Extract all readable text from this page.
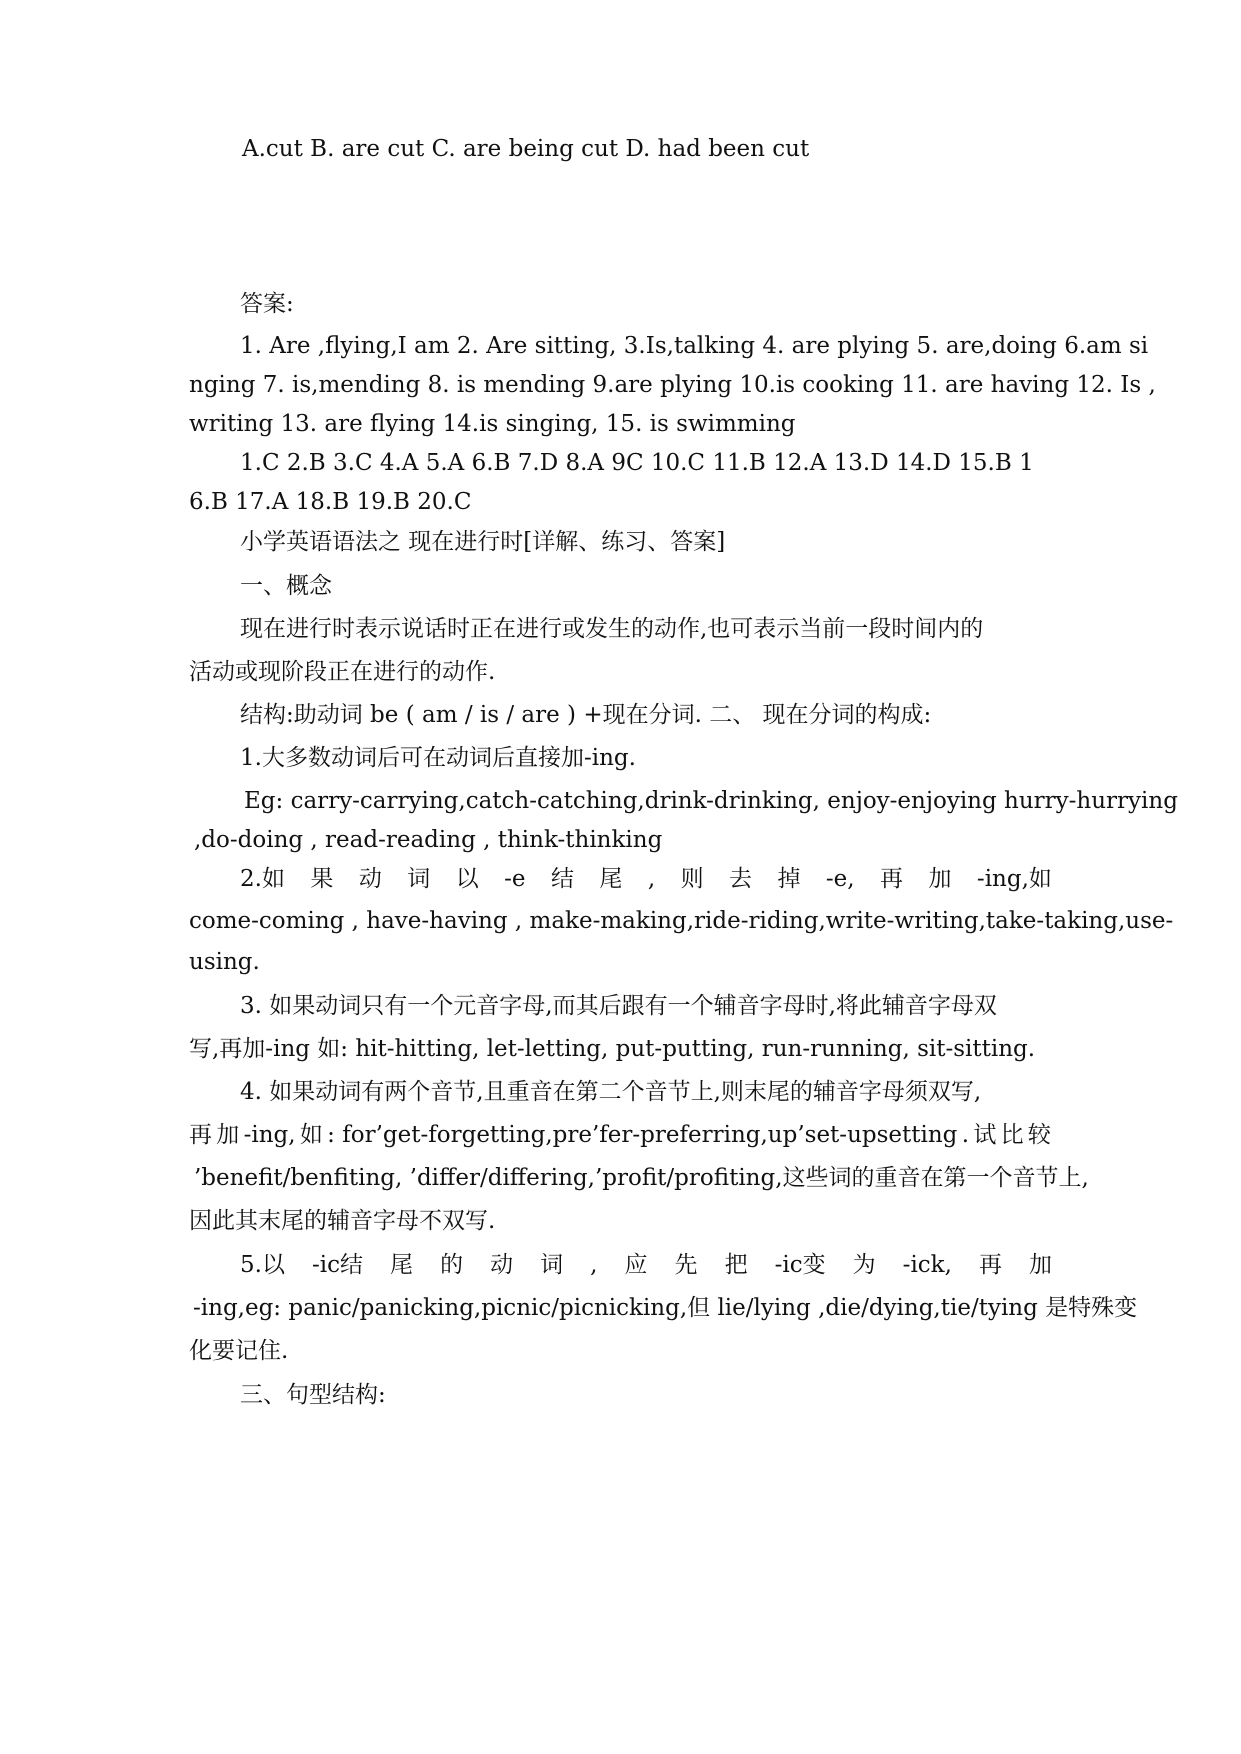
A.cut B. are cut C. are being cut D. had been cut
答案:
1. Are ,flying,I am 2. Are sitting, 3.Is,talking 4. are plying 5. are,doing 6.am si
nging 7. is,mending 8. is mending 9.are plying 10.is cooking 11. are having 12. Is ,
writing 13. are flying 14.is singing, 15. is swimming
1.C 2.B 3.C 4.A 5.A 6.B 7.D 8.A 9C 10.C 11.B 12.A 13.D 14.D 15.B 1
6.B 17.A 18.B 19.B 20.C
小学英语语法之 现在进行时[详解、练习、答案]
一、概念
现在进行时表示说话时正在进行或发生的动作,也可表示当前一段时间内的
活动或现阶段正在进行的动作.
结构:助动词 be ( am / is / are ) +现在分词. 二、 现在分词的构成:
1.大多数动词后可在动词后直接加-ing.
Eg: carry-carrying,catch-catching,drink-drinking, enjoy-enjoying hurry-hurrying
,do-doing , read-reading , think-thinking
2.如 果 动 词 以 -e 结 尾 , 则 去 掉 -e, 再 加 -ing,如
come-coming , have-having , make-making,ride-riding,write-writing,take-taking,use-
using.
3. 如果动词只有一个元音字母,而其后跟有一个辅音字母时,将此辅音字母双
写,再加-ing 如: hit-hitting, let-letting, put-putting, run-running, sit-sitting.
4. 如果动词有两个音节,且重音在第二个音节上,则末尾的辅音字母须双写,
再 加 -ing, 如 : for’get-forgetting,pre’fer-preferring,up’set-upsetting . 试 比 较
’benefit/benfiting, ’differ/differing,’profit/profiting,这些词的重音在第一个音节上,
因此其末尾的辅音字母不双写.
5.以 -ic结 尾 的 动 词 , 应 先 把 -ic变 为 -ick, 再 加
-ing,eg: panic/panicking,picnic/picnicking,但 lie/lying ,die/dying,tie/tying 是特殊变
化要记住.
三、句型结构:
